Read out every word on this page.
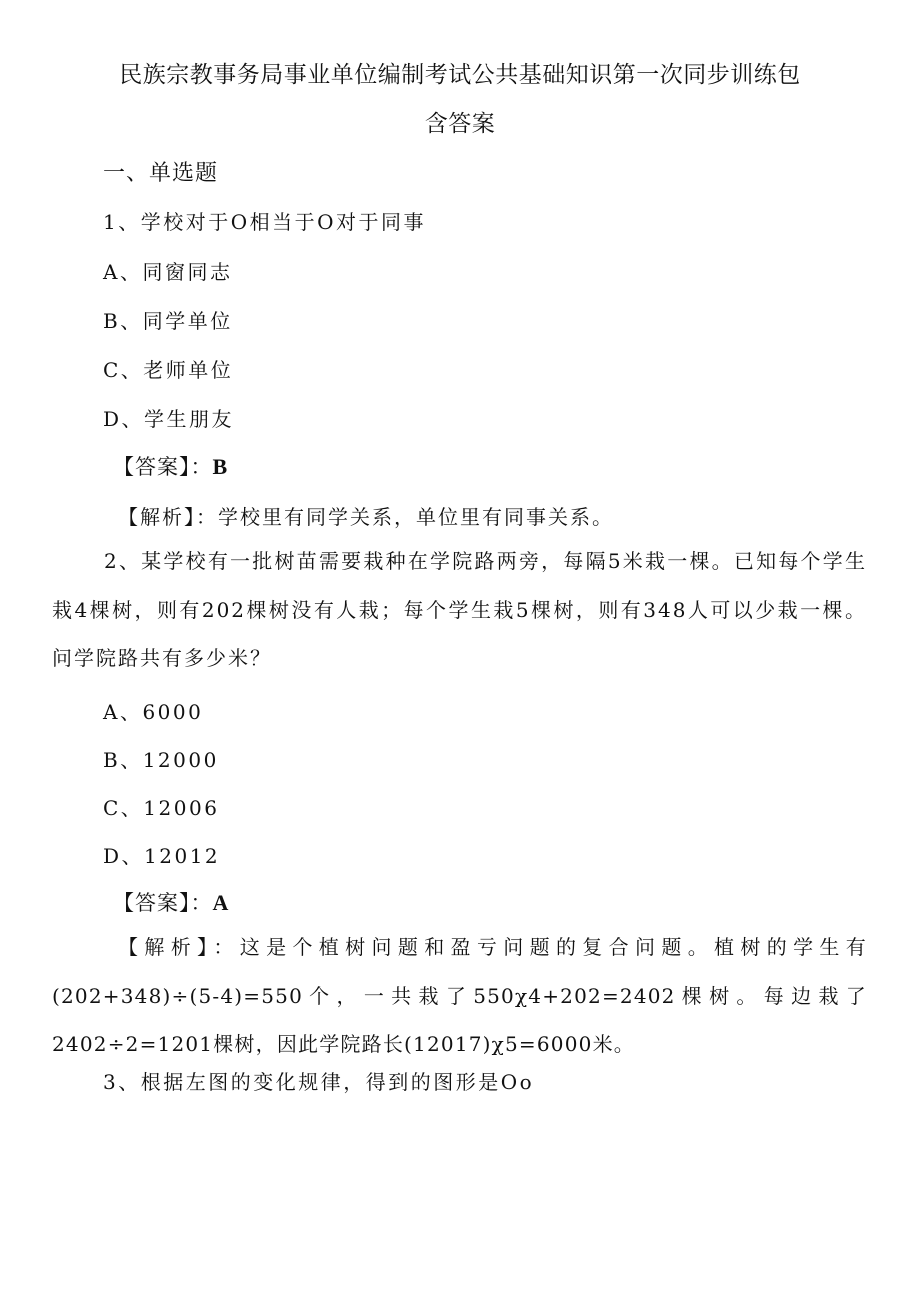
民族宗教事务局事业单位编制考试公共基础知识第一次同步训练包
含答案
一、单选题

1、学校对于O相当于O对于同事

A、同窗同志

B、同学单位

C、老师单位

D、学生朋友

【答案】：B

【解析】：学校里有同学关系，单位里有同事关系。

2、某学校有一批树苗需要栽种在学院路两旁，每隔5米栽一棵。已知每个学生栽4棵树，则有202棵树没有人栽；每个学生栽5棵树，则有348人可以少栽一棵。问学院路共有多少米？

A、6000

B、12000

C、12006

D、12012

【答案】：A

【解析】：这是个植树问题和盈亏问题的复合问题。植树的学生有(202+348)÷(5-4)=550个，一共栽了550χ4+202=2402棵树。每边栽了2402÷2=1201棵树，因此学院路长(12017)χ5=6000米。

3、根据左图的变化规律，得到的图形是Oo
